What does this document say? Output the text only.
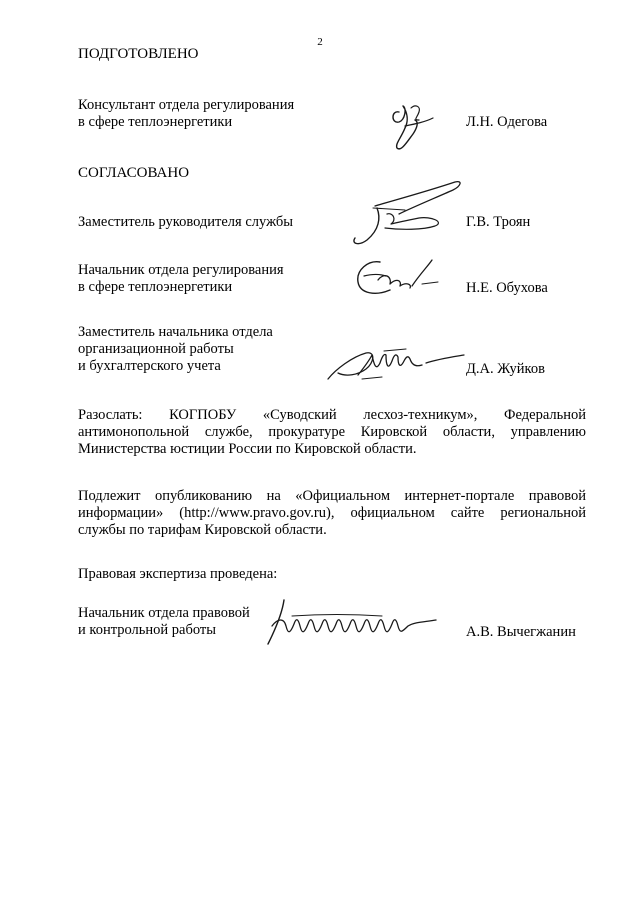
2
ПОДГОТОВЛЕНО
Консультант отдела регулирования
в сфере теплоэнергетики	Л.Н. Одегова
СОГЛАСОВАНО
Заместитель руководителя службы	Г.В. Троян
Начальник отдела регулирования
в сфере теплоэнергетики	Н.Е. Обухова
Заместитель начальника отдела
организационной работы
и бухгалтерского учета	Д.А. Жуйков
Разослать: КОГПОБУ «Суводский лесхоз-техникум», Федеральной
антимонопольной службе, прокуратуре Кировской области, управлению
Министерства юстиции России по Кировской области.
Подлежит опубликованию на «Официальном интернет-портале правовой
информации» (http://www.pravo.gov.ru), официальном сайте региональной
службы по тарифам Кировской области.
Правовая экспертиза проведена:
Начальник отдела правовой
и контрольной работы	А.В. Вычегжанин
